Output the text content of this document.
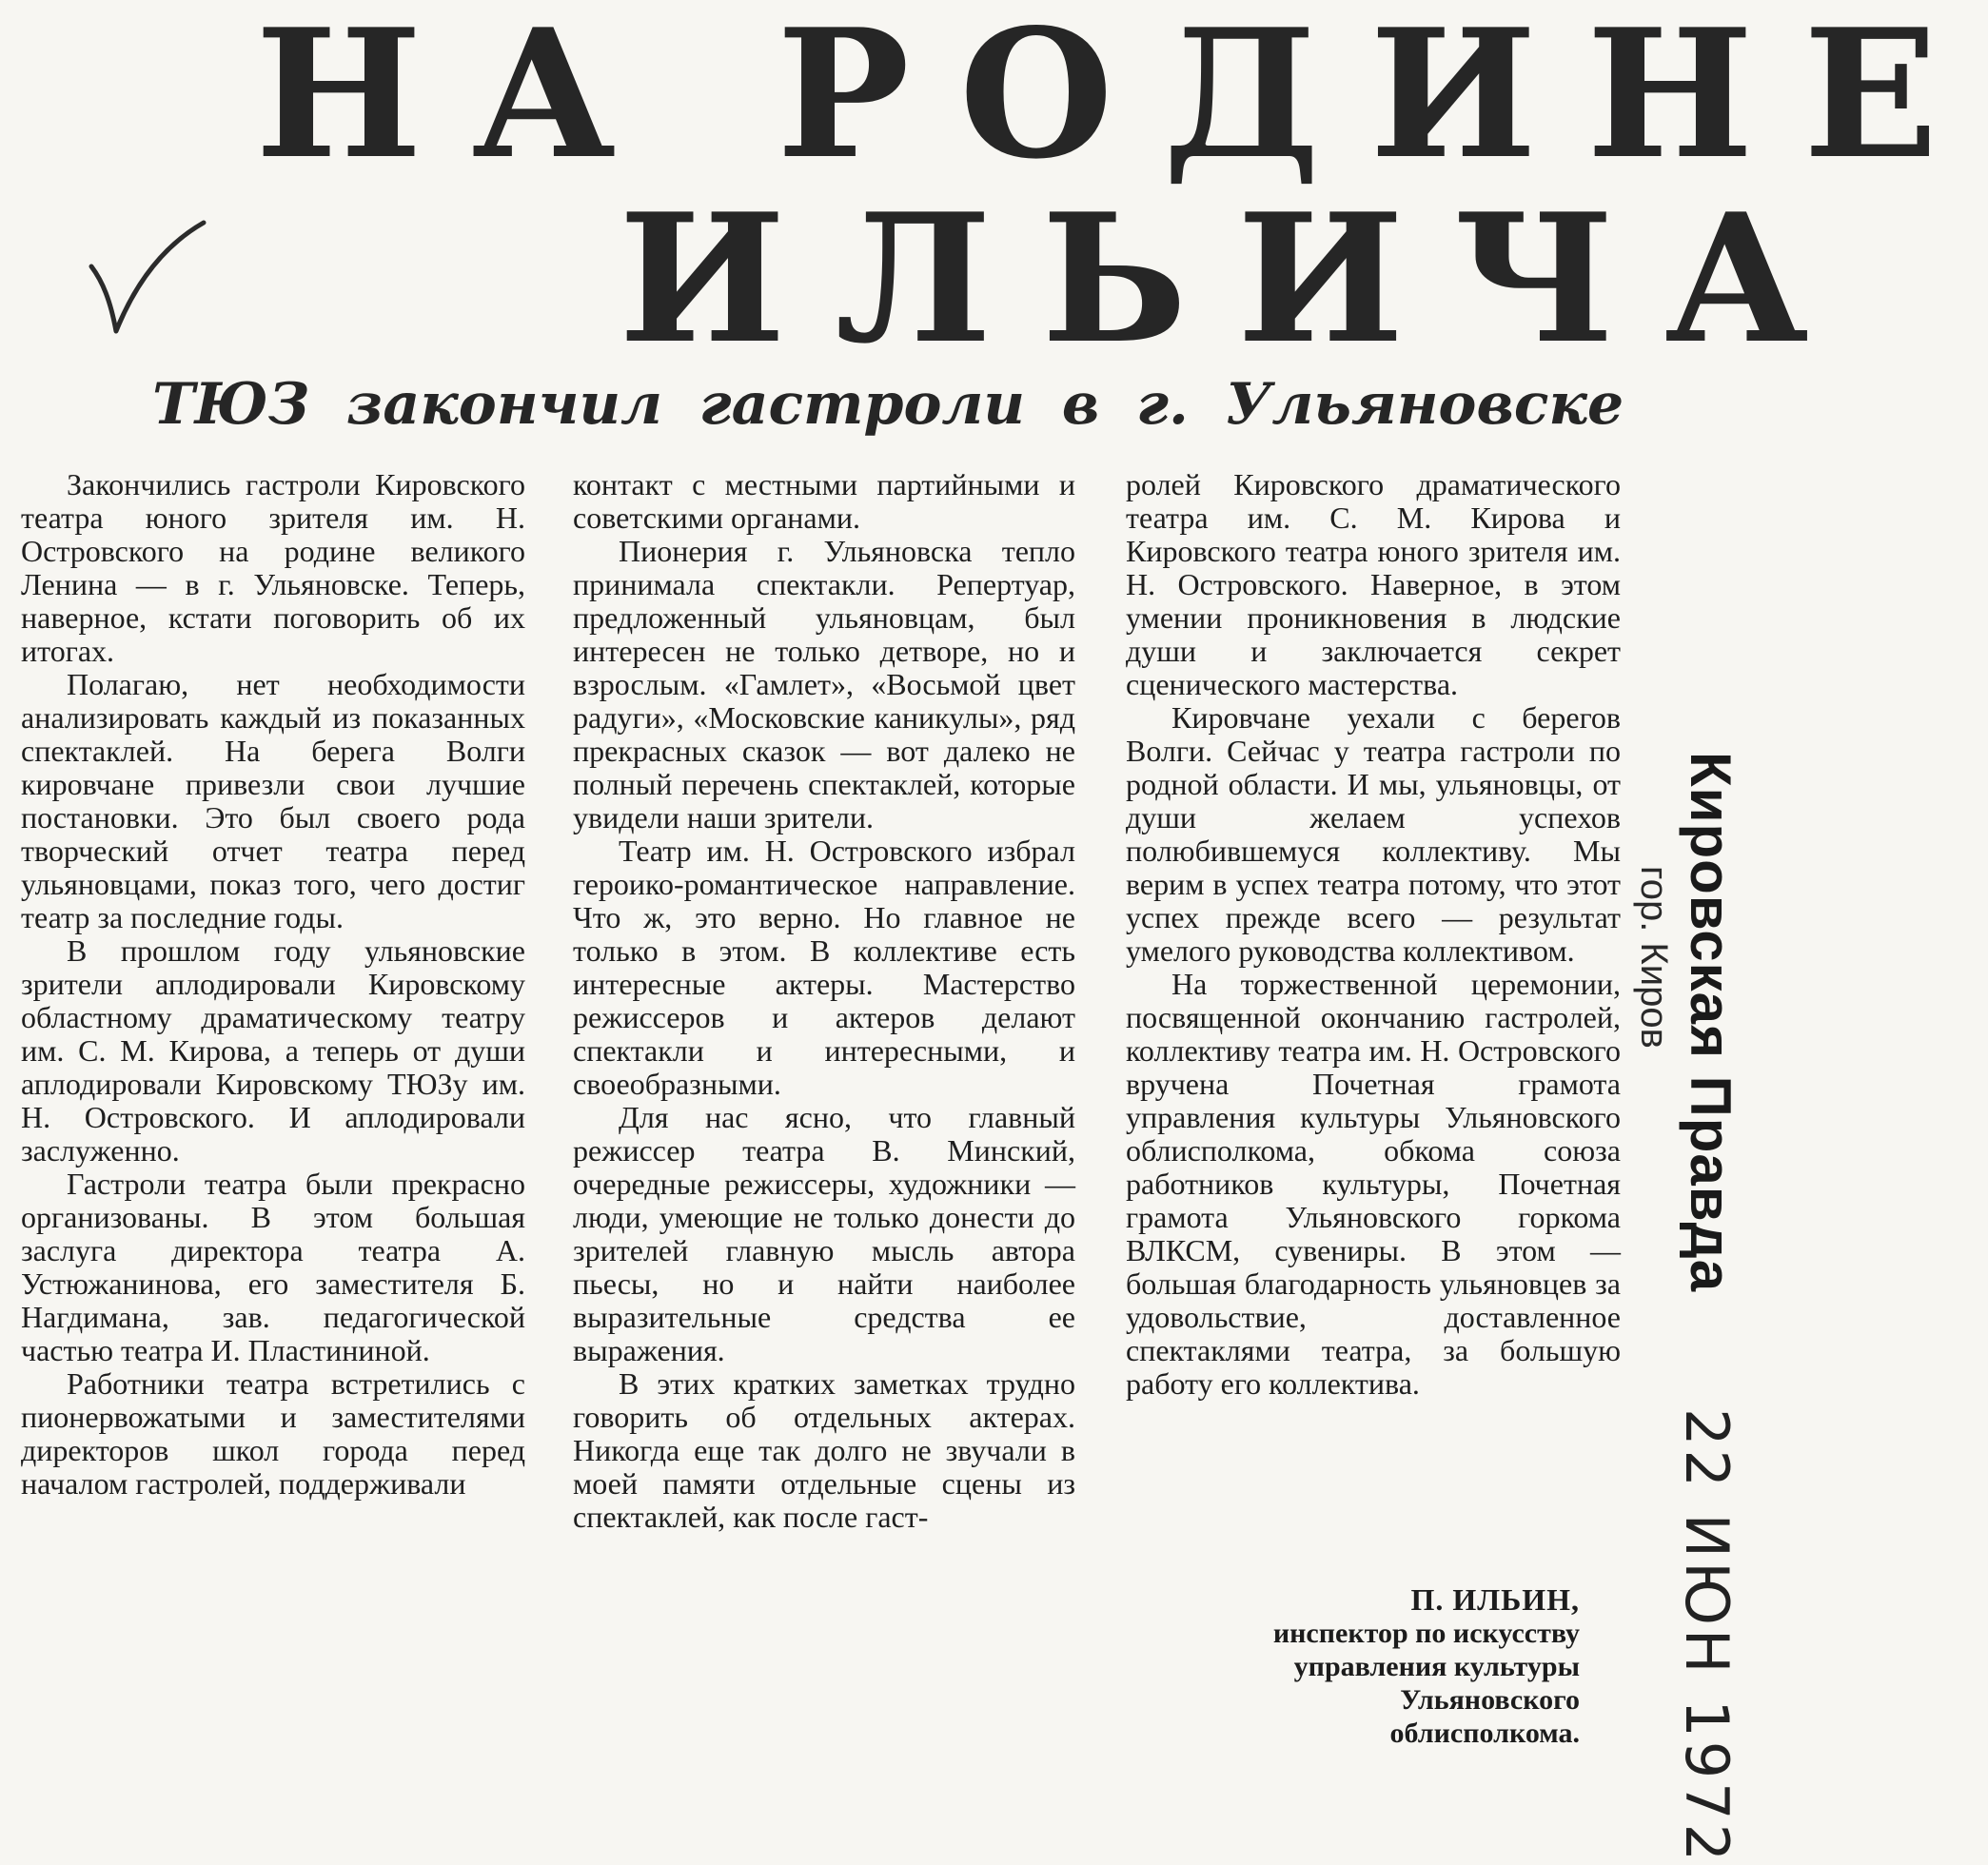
НА РОДИНЕ
ИЛЬИЧА
ТЮЗ закончил гастроли в г. Ульяновске

Закончились гастроли Кировского театра юного зрителя им. Н. Островского на родине великого Ленина — в г. Ульяновске. Теперь, наверное, кстати поговорить об их итогах.

Полагаю, нет необходимости анализировать каждый из показанных спектаклей. На берега Волги кировчане привезли свои лучшие постановки. Это был своего рода творческий отчет театра перед ульяновцами, показ того, чего достиг театр за последние годы.

В прошлом году ульяновские зрители аплодировали Кировскому областному драматическому театру им. С. М. Кирова, а теперь от души аплодировали Кировскому ТЮЗу им. Н. Островского. И аплодировали заслуженно.

Гастроли театра были прекрасно организованы. В этом большая заслуга директора театра А. Устюжанинова, его заместителя Б. Нагдимана, зав. педагогической частью театра И. Пластининой.

Работники театра встретились с пионервожатыми и заместителями директоров школ города перед началом гастролей, поддерживали

контакт с местными партийными и советскими органами.

Пионерия г. Ульяновска тепло принимала спектакли. Репертуар, предложенный ульяновцам, был интересен не только детворе, но и взрослым. «Гамлет», «Восьмой цвет радуги», «Московские каникулы», ряд прекрасных сказок — вот далеко не полный перечень спектаклей, которые увидели наши зрители.

Театр им. Н. Островского избрал героико-романтическое направление. Что ж, это верно. Но главное не только в этом. В коллективе есть интересные актеры. Мастерство режиссеров и актеров делают спектакли и интересными, и своеобразными.

Для нас ясно, что главный режиссер театра В. Минский, очередные режиссеры, художники — люди, умеющие не только донести до зрителей главную мысль автора пьесы, но и найти наиболее выразительные средства ее выражения.

В этих кратких заметках трудно говорить об отдельных актерах. Никогда еще так долго не звучали в моей памяти отдельные сцены из спектаклей, как после гаст-

ролей Кировского драматического театра им. С. М. Кирова и Кировского театра юного зрителя им. Н. Островского. Наверное, в этом умении проникновения в людские души и заключается секрет сценического мастерства.

Кировчане уехали с берегов Волги. Сейчас у театра гастроли по родной области. И мы, ульяновцы, от души желаем успехов полюбившемуся коллективу. Мы верим в успех театра потому, что этот успех прежде всего — результат умелого руководства коллективом.

На торжественной церемонии, посвященной окончанию гастролей, коллективу театра им. Н. Островского вручена Почетная грамота управления культуры Ульяновского облисполкома, обкома союза работников культуры, Почетная грамота Ульяновского горкома ВЛКСМ, сувениры. В этом — большая благодарность ульяновцев за удовольствие, доставленное спектаклями театра, за большую работу его коллектива.

П. ИЛЬИН,
инспектор по искусству
управления культуры
Ульяновского
облисполкома.
Кировская Правда
гор. Киров
22 ИЮН 1972
